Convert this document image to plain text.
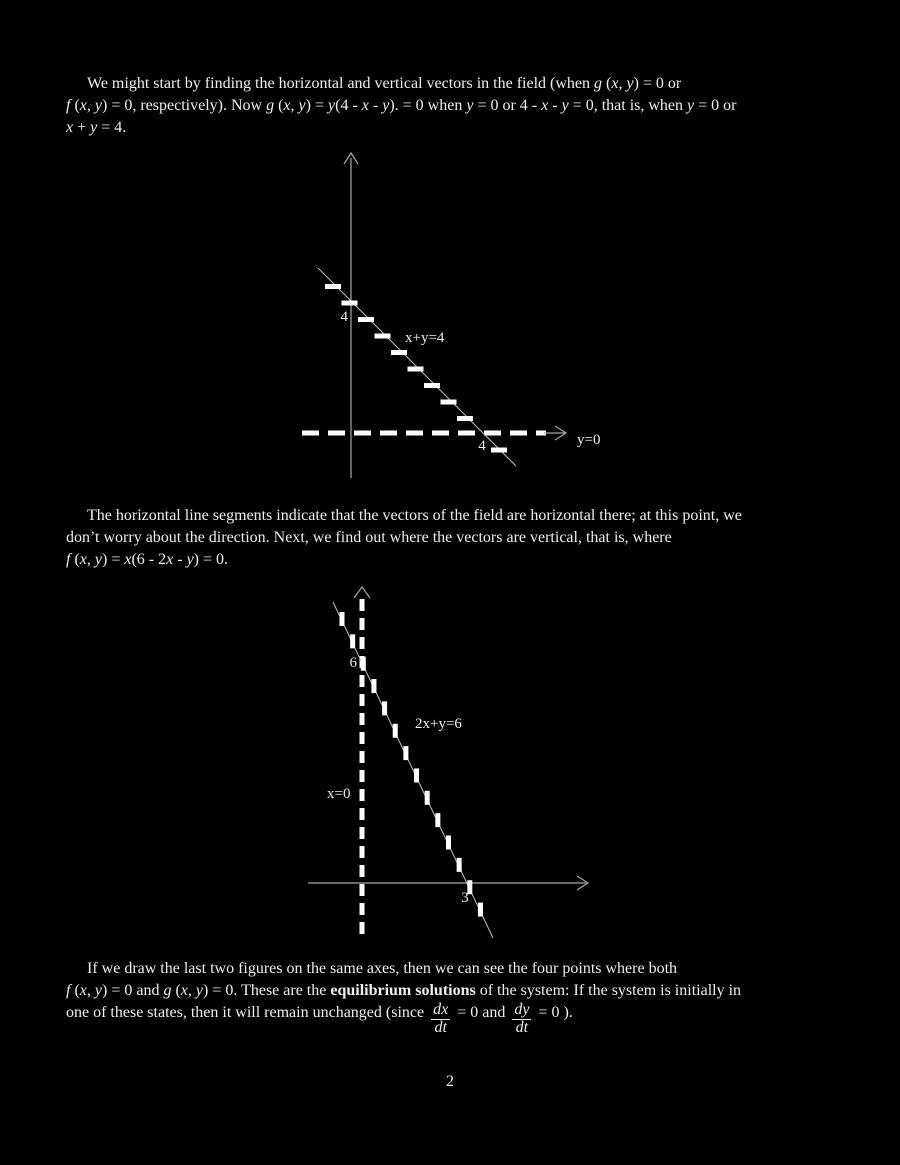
We might start by finding the horizontal and vertical vectors in the field (when g (x, y) = 0 or
f (x, y) = 0, respectively). Now g (x, y) = y(4 - x - y). = 0 when y = 0 or 4 - x - y = 0, that is, when y = 0 or
x + y = 4.
4
x+y=4
4	y=0
The horizontal line segments indicate that the vectors of the field are horizontal there; at this point, we
don’t worry about the direction. Next, we find out where the vectors are vertical, that is, where
f (x, y) = x(6 - 2x - y) = 0.
6
2x+y=6
x=0
3
If we draw the last two figures on the same axes, then we can see the four points where both
f (x, y) = 0 and g (x, y) = 0. These are the equilibrium solutions of the system: If the system is initially in
one of these states, then it will remain unchanged (since $\frac{dx}{dt} = 0$ and $\frac{dy}{dt} = 0$ ).
2
